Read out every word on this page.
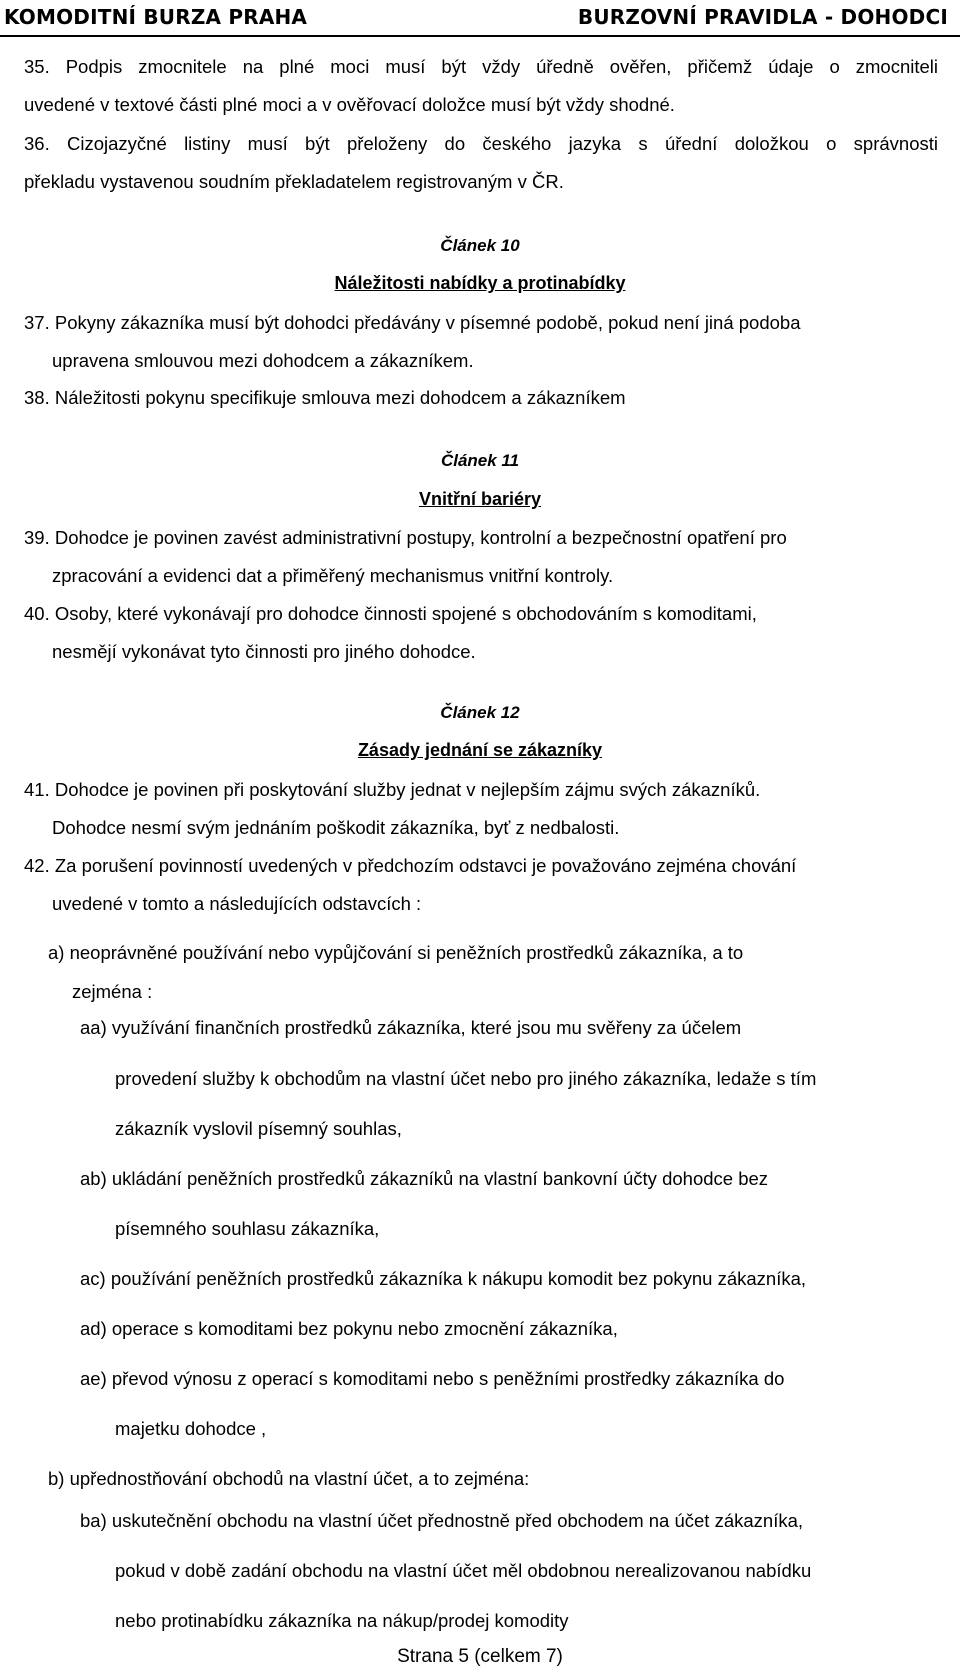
KOMODITNÍ BURZA PRAHA	BURZOVNÍ PRAVIDLA - DOHODCI
35. Podpis zmocnitele na plné moci musí být vždy úředně ověřen, přičemž údaje o zmocniteli
uvedené v textové části plné moci a v ověřovací doložce musí být vždy shodné.
36. Cizojazyčné listiny musí být přeloženy do českého jazyka s úřední doložkou o správnosti
překladu vystavenou soudním překladatelem registrovaným v ČR.
Článek 10
Náležitosti nabídky a protinabídky
37. Pokyny zákazníka musí být dohodci předávány v písemné podobě, pokud není jiná podoba
upravena smlouvou mezi dohodcem a zákazníkem.
38. Náležitosti pokynu specifikuje smlouva mezi dohodcem a zákazníkem
Článek 11
Vnitřní bariéry
39. Dohodce je povinen zavést administrativní postupy, kontrolní a bezpečnostní opatření pro
zpracování a evidenci dat a přiměřený mechanismus vnitřní kontroly.
40. Osoby, které vykonávají pro dohodce činnosti spojené s obchodováním s komoditami,
nesmějí vykonávat tyto činnosti pro jiného dohodce.
Článek 12
Zásady jednání se zákazníky
41. Dohodce je povinen při poskytování služby jednat v nejlepším zájmu svých zákazníků.
Dohodce nesmí svým jednáním poškodit zákazníka, byť z nedbalosti.
42. Za porušení povinností uvedených v předchozím odstavci je považováno zejména chování
uvedené v tomto a následujících odstavcích :
a) neoprávněné používání nebo vypůjčování si peněžních prostředků zákazníka, a to
zejména :
aa) využívání finančních prostředků zákazníka, které jsou mu svěřeny za účelem
provedení služby k obchodům na vlastní účet nebo pro jiného zákazníka, ledaže s tím
zákazník vyslovil písemný souhlas,
ab) ukládání peněžních prostředků zákazníků na vlastní bankovní účty dohodce bez
písemného souhlasu zákazníka,
ac) používání peněžních prostředků zákazníka k nákupu komodit bez pokynu zákazníka,
ad) operace s komoditami bez pokynu nebo zmocnění zákazníka,
ae) převod výnosu z operací s komoditami nebo s peněžními prostředky zákazníka do
majetku dohodce ,
b) upřednostňování obchodů na vlastní účet, a to zejména:
ba) uskutečnění obchodu na vlastní účet přednostně před obchodem na účet zákazníka,
pokud v době zadání obchodu na vlastní účet měl obdobnou nerealizovanou nabídku
nebo protinabídku zákazníka na nákup/prodej komodity
Strana 5 (celkem 7)
